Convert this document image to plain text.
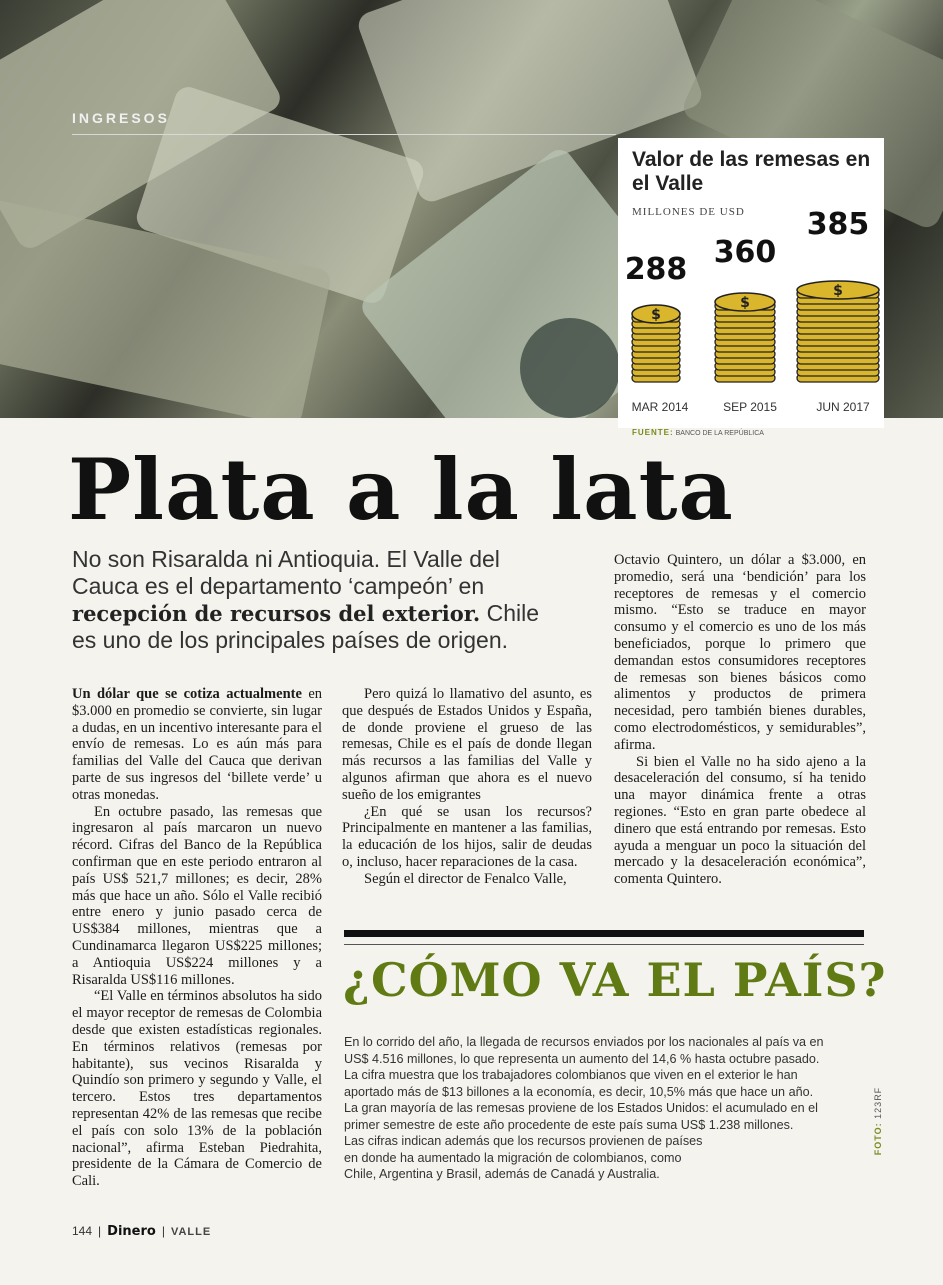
INGRESOS
Valor de las remesas en el Valle
MILLONES DE USD
$
288
MAR 2014
$
360
SEP 2015
$
385
JUN 2017
FUENTE: BANCO DE LA REPÚBLICA
Plata a la lata

No son Risaralda ni Antioquia. El Valle del Cauca es el departamento ‘campeón’ en recepción de recursos del exterior. Chile es uno de los principales países de origen.

Un dólar que se cotiza actualmente en $3.000 en promedio se convierte, sin lugar a dudas, en un incentivo interesante para el envío de remesas. Lo es aún más para familias del Valle del Cauca que derivan parte de sus ingresos del ‘billete verde’ u otras monedas.

En octubre pasado, las remesas que ingresaron al país marcaron un nuevo récord. Cifras del Banco de la República confirman que en este periodo entraron al país US$ 521,7 millones; es decir, 28% más que hace un año. Sólo el Valle recibió entre enero y junio pasado cerca de US$384 millones, mientras que a Cundinamarca llegaron US$225 millones; a Antioquia US$224 millones y a Risaralda US$116 millones.

“El Valle en términos absolutos ha sido el mayor receptor de remesas de Colombia desde que existen estadísticas regionales. En términos relativos (remesas por habitante), sus vecinos Risaralda y Quindío son primero y segundo y Valle, el tercero. Estos tres departamentos representan 42% de las remesas que recibe el país con solo 13% de la población nacional”, afirma Esteban Piedrahita, presidente de la Cámara de Comercio de Cali.

Pero quizá lo llamativo del asunto, es que después de Estados Unidos y España, de donde proviene el grueso de las remesas, Chile es el país de donde llegan más recursos a las familias del Valle y algunos afirman que ahora es el nuevo sueño de los emigrantes

¿En qué se usan los recursos? Principalmente en mantener a las familias, la educación de los hijos, salir de deudas o, incluso, hacer reparaciones de la casa.

Según el director de Fenalco Valle,

Octavio Quintero, un dólar a $3.000, en promedio, será una ‘bendición’ para los receptores de remesas y el comercio mismo. “Esto se traduce en mayor consumo y el comercio es uno de los más beneficiados, porque lo primero que demandan estos consumidores receptores de remesas son bienes básicos como alimentos y productos de primera necesidad, pero también bienes durables, como electrodomésticos, y semidurables”, afirma.

Si bien el Valle no ha sido ajeno a la desaceleración del consumo, sí ha tenido una mayor dinámica frente a otras regiones. “Esto en gran parte obedece al dinero que está entrando por remesas. Esto ayuda a menguar un poco la situación del mercado y la desaceleración económica”, comenta Quintero.

¿CÓMO VA EL PAÍS?

En lo corrido del año, la llegada de recursos enviados por los nacionales al país va en
US$ 4.516 millones, lo que representa un aumento del 14,6 % hasta octubre pasado.
La cifra muestra que los trabajadores colombianos que viven en el exterior le han
aportado más de $13 billones a la economía, es decir, 10,5% más que hace un año.
La gran mayoría de las remesas proviene de los Estados Unidos: el acumulado en el
primer semestre de este año procedente de este país suma US$ 1.238 millones.
Las cifras indican además que los recursos provienen de países
en donde ha aumentado la migración de colombianos, como
Chile, Argentina y Brasil, además de Canadá y Australia.

FOTO: 123RF
144 | Dinero | VALLE
